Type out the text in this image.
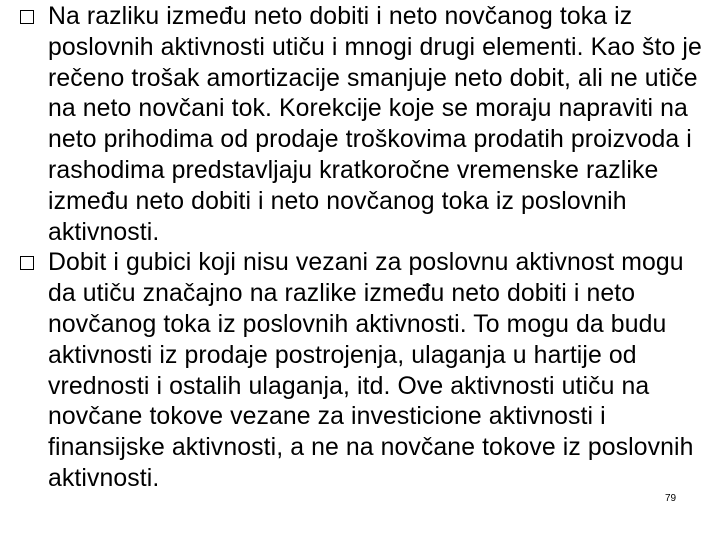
Na razliku između neto dobiti i neto novčanog toka iz poslovnih aktivnosti utiču i mnogi drugi elementi. Kao što je rečeno trošak amortizacije smanjuje neto dobit, ali ne utiče na neto novčani tok. Korekcije koje se moraju napraviti na neto prihodima od prodaje troškovima prodatih proizvoda i rashodima predstavljaju kratkoročne vremenske razlike između neto dobiti i neto novčanog toka iz poslovnih aktivnosti.
Dobit i gubici koji nisu vezani za poslovnu aktivnost mogu da utiču značajno na razlike između neto dobiti i neto novčanog toka iz poslovnih aktivnosti. To mogu da budu aktivnosti iz prodaje postrojenja, ulaganja u hartije od vrednosti i ostalih ulaganja, itd. Ove aktivnosti utiču na novčane tokove vezane za investicione aktivnosti i finansijske aktivnosti, a ne na novčane tokove iz poslovnih aktivnosti.
79
